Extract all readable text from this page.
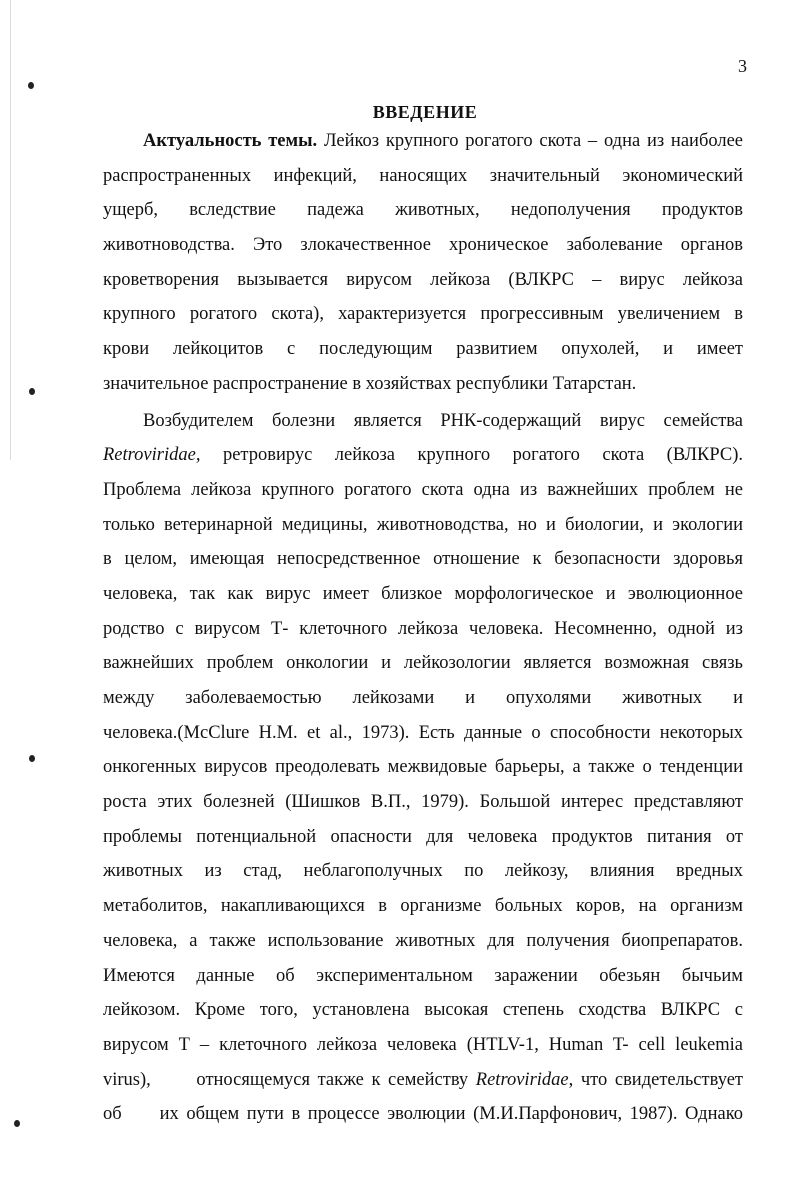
3
ВВЕДЕНИЕ
Актуальность темы. Лейкоз крупного рогатого скота – одна из наиболее
распространенных инфекций, наносящих значительный экономический
ущерб, вследствие падежа животных, недополучения продуктов
животноводства. Это злокачественное хроническое заболевание органов
кроветворения вызывается вирусом лейкоза (ВЛКРС – вирус лейкоза
крупного рогатого скота), характеризуется прогрессивным увеличением в
крови лейкоцитов с последующим развитием опухолей, и имеет
значительное распространение в хозяйствах республики Татарстан.
Возбудителем болезни является РНК-содержащий вирус семейства
Retroviridae, ретровирус лейкоза крупного рогатого скота (ВЛКРС).
Проблема лейкоза крупного рогатого скота одна из важнейших проблем не
только ветеринарной медицины, животноводства, но и биологии, и экологии
в целом, имеющая непосредственное отношение к безопасности здоровья
человека, так как вирус имеет близкое морфологическое и эволюционное
родство с вирусом Т- клеточного лейкоза человека. Несомненно, одной из
важнейших проблем онкологии и лейкозологии является возможная связь
между заболеваемостью лейкозами и опухолями животных и
человека.(McClure H.M. et al., 1973). Есть данные о способности некоторых
онкогенных вирусов преодолевать межвидовые барьеры, а также о тенденции
роста этих болезней (Шишков В.П., 1979). Большой интерес представляют
проблемы потенциальной опасности для человека продуктов питания от
животных из стад, неблагополучных по лейкозу, влияния вредных
метаболитов, накапливающихся в организме больных коров, на организм
человека, а также использование животных для получения биопрепаратов.
Имеются данные об экспериментальном заражении обезьян бычьим
лейкозом. Кроме того, установлена высокая степень сходства ВЛКРС с
вирусом Т – клеточного лейкоза человека (HTLV-1, Human T- cell leukemia
virus),      относящемуся также к семейству Retroviridae, что свидетельствует
об     их общем пути в процессе эволюции (М.И.Парфонович, 1987). Однако
